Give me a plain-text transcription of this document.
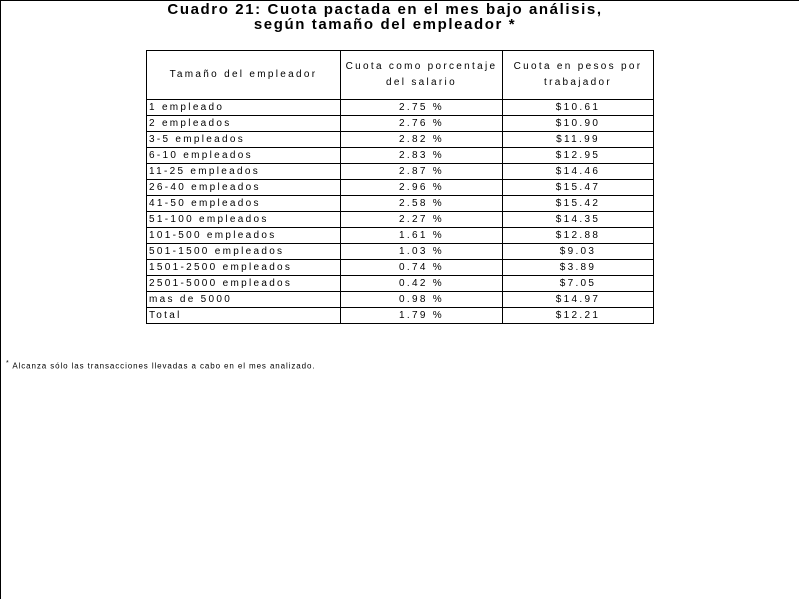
Cuadro 21: Cuota pactada en el mes bajo análisis,
según tamaño del empleador *
Tamaño del empleador	Cuota como porcentaje del salario	Cuota en pesos por trabajador
1 empleado	2.75 %	$10.61
2 empleados	2.76 %	$10.90
3-5 empleados	2.82 %	$11.99
6-10 empleados	2.83 %	$12.95
11-25 empleados	2.87 %	$14.46
26-40 empleados	2.96 %	$15.47
41-50 empleados	2.58 %	$15.42
51-100 empleados	2.27 %	$14.35
101-500 empleados	1.61 %	$12.88
501-1500 empleados	1.03 %	$9.03
1501-2500 empleados	0.74 %	$3.89
2501-5000 empleados	0.42 %	$7.05
mas de 5000	0.98 %	$14.97
Total	1.79 %	$12.21
* Alcanza sólo las transacciones llevadas a cabo en el mes analizado.
